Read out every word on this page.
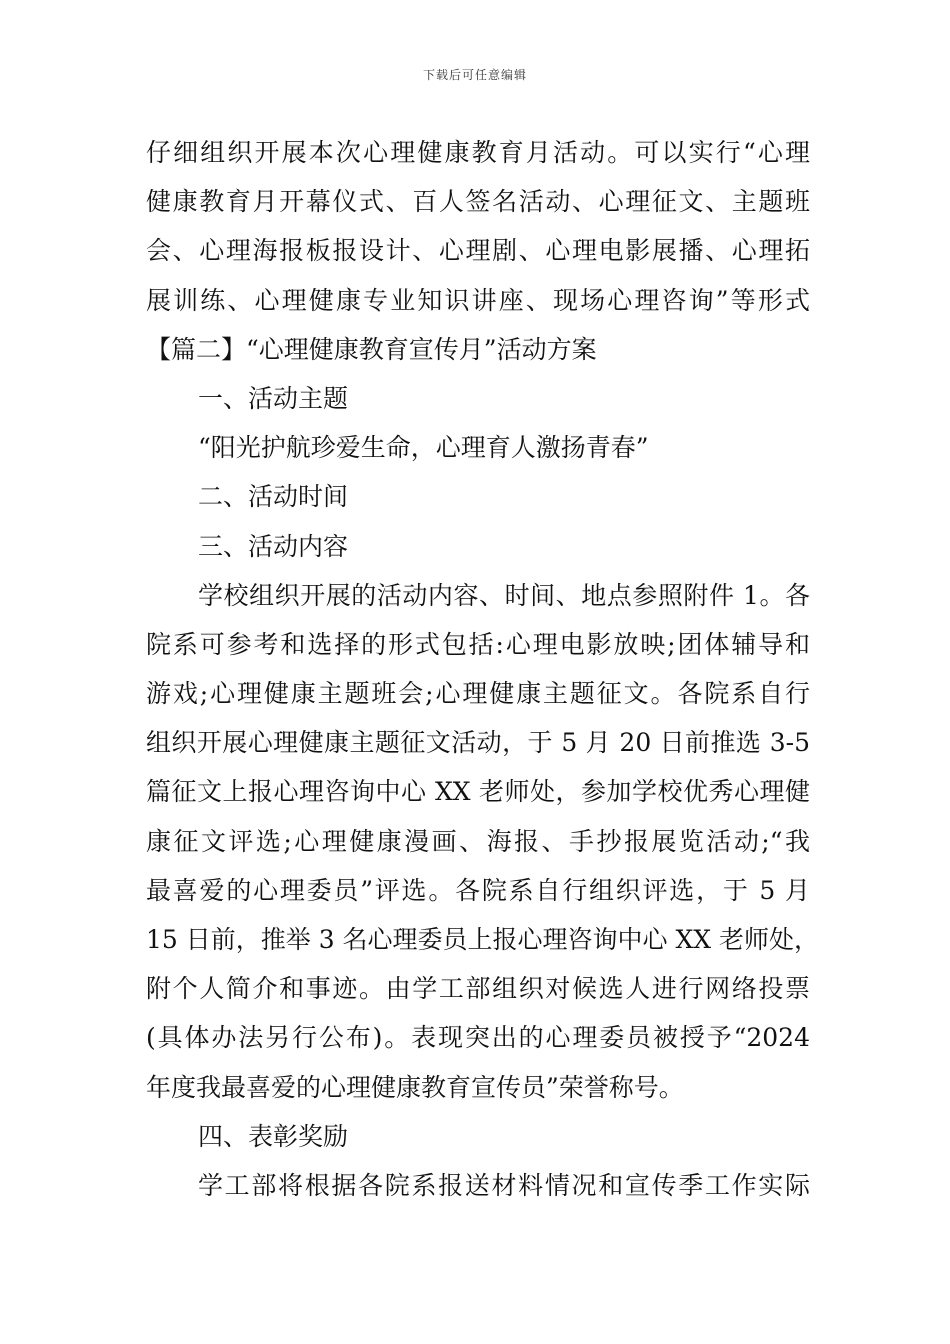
下载后可任意编辑
仔细组织开展本次心理健康教育月活动。可以实行“心理
健康教育月开幕仪式、百人签名活动、心理征文、主题班
会、心理海报板报设计、心理剧、心理电影展播、心理拓
展训练、心理健康专业知识讲座、现场心理咨询”等形式
【篇二】“心理健康教育宣传月”活动方案
一、活动主题
“阳光护航珍爱生命，心理育人激扬青春”
二、活动时间
三、活动内容
学校组织开展的活动内容、时间、地点参照附件 1。各
院系可参考和选择的形式包括:心理电影放映;团体辅导和
游戏;心理健康主题班会;心理健康主题征文。各院系自行
组织开展心理健康主题征文活动，于 5 月 20 日前推选 3-5
篇征文上报心理咨询中心 XX 老师处，参加学校优秀心理健
康征文评选;心理健康漫画、海报、手抄报展览活动;“我
最喜爱的心理委员”评选。各院系自行组织评选，于 5 月
15 日前，推举 3 名心理委员上报心理咨询中心 XX 老师处，
附个人简介和事迹。由学工部组织对候选人进行网络投票
(具体办法另行公布)。表现突出的心理委员被授予“2024
年度我最喜爱的心理健康教育宣传员”荣誉称号。
四、表彰奖励
学工部将根据各院系报送材料情况和宣传季工作实际
